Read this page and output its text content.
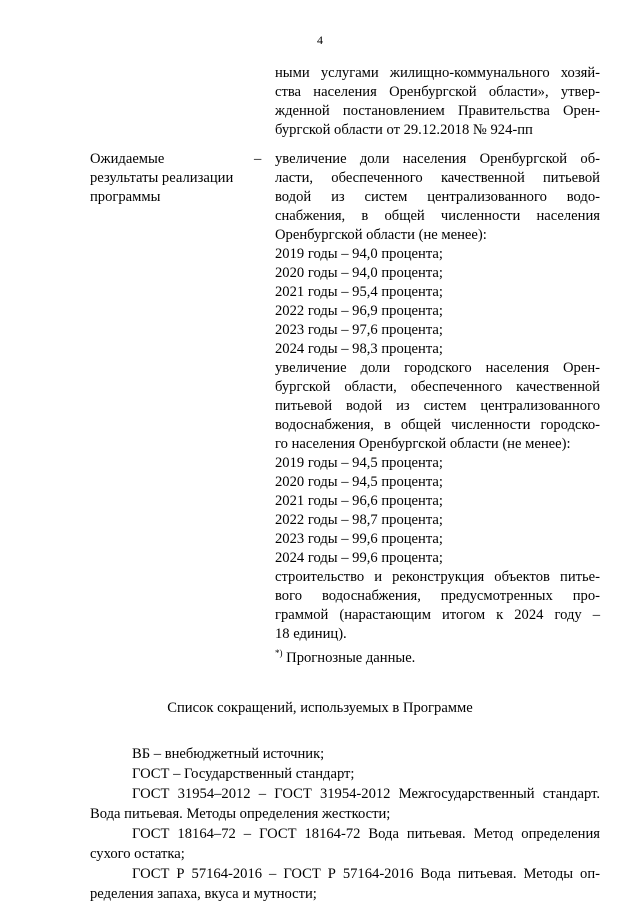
4
ными услугами жилищно-коммунального хозяй-
ства населения Оренбургской области», утвер-
жденной постановлением Правительства Орен-
бургской области от 29.12.2018 № 924-пп
Ожидаемые
результаты реализации
программы
– увеличение доли населения Оренбургской об-
ласти, обеспеченного качественной питьевой
водой из систем централизованного водо-
снабжения, в общей численности населения
Оренбургской области (не менее):
2019 годы – 94,0 процента;
2020 годы – 94,0 процента;
2021 годы – 95,4 процента;
2022 годы – 96,9 процента;
2023 годы – 97,6 процента;
2024 годы – 98,3 процента;
увеличение доли городского населения Орен-
бургской области, обеспеченного качественной
питьевой водой из систем централизованного
водоснабжения, в общей численности городско-
го населения Оренбургской области (не менее):
2019 годы – 94,5 процента;
2020 годы – 94,5 процента;
2021 годы – 96,6 процента;
2022 годы – 98,7 процента;
2023 годы – 99,6 процента;
2024 годы – 99,6 процента;
строительство и реконструкция объектов питье-
вого водоснабжения, предусмотренных про-
граммой (нарастающим итогом к 2024 году –
18 единиц).
*) Прогнозные данные.
Список сокращений, используемых в Программе
ВБ – внебюджетный источник;
ГОСТ – Государственный стандарт;
ГОСТ 31954–2012 – ГОСТ 31954-2012 Межгосударственный стандарт.
Вода питьевая. Методы определения жесткости;
ГОСТ 18164–72 – ГОСТ 18164-72 Вода питьевая. Метод определения
сухого остатка;
ГОСТ Р 57164-2016 – ГОСТ Р 57164-2016 Вода питьевая. Методы оп-
ределения запаха, вкуса и мутности;
